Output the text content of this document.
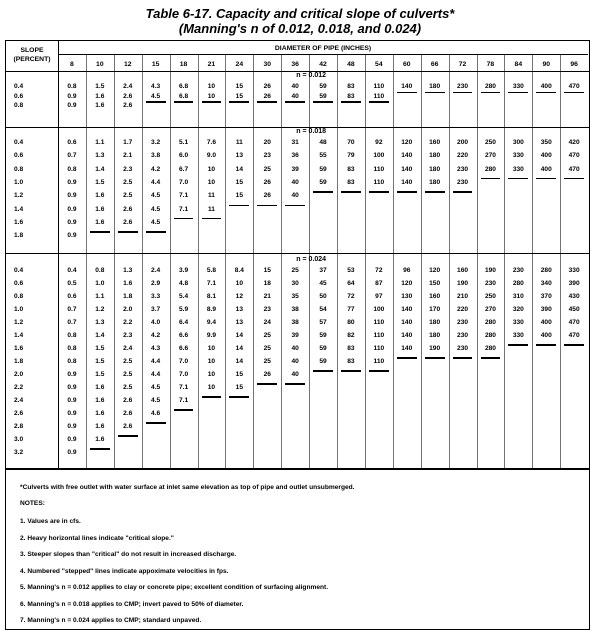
Table 6-17. Capacity and critical slope of culverts*
(Manning's n of 0.012, 0.018, and 0.024)
SLOPE
(PERCENT)
DIAMETER OF PIPE (INCHES)
8	10	12	15	18	21	24	30	36	42	48	54	60	66	72	78	84	90	96
n = 0.012
0.4	0.8	1.5	2.4	4.3	6.8	10	15	26	40	59	83	110	140	180	230	280	330	400	470
0.6	0.9	1.6	2.6	4.5	6.8	10	15	26	40	59	83	110
0.8	0.9	1.6	2.6
n = 0.018
0.4	0.6	1.1	1.7	3.2	5.1	7.6	11	20	31	48	70	92	120	160	200	250	300	350	420
0.6	0.7	1.3	2.1	3.8	6.0	9.0	13	23	36	55	79	100	140	180	220	270	330	400	470
0.8	0.8	1.4	2.3	4.2	6.7	10	14	25	39	59	83	110	140	180	230	280	330	400	470
1.0	0.9	1.5	2.5	4.4	7.0	10	15	26	40	59	83	110	140	180	230
1.2	0.9	1.6	2.5	4.5	7.1	11	15	26	40
1.4	0.9	1.6	2.6	4.5	7.1	11
1.6	0.9	1.6	2.6	4.5
1.8	0.9
n = 0.024
0.4	0.4	0.8	1.3	2.4	3.9	5.8	8.4	15	25	37	53	72	96	120	160	190	230	280	330
0.6	0.5	1.0	1.6	2.9	4.8	7.1	10	18	30	45	64	87	120	150	190	230	280	340	390
0.8	0.6	1.1	1.8	3.3	5.4	8.1	12	21	35	50	72	97	130	160	210	250	310	370	430
1.0	0.7	1.2	2.0	3.7	5.9	8.9	13	23	38	54	77	100	140	170	220	270	320	390	450
1.2	0.7	1.3	2.2	4.0	6.4	9.4	13	24	38	57	80	110	140	180	230	280	330	400	470
1.4	0.8	1.4	2.3	4.2	6.6	9.9	14	25	39	59	82	110	140	180	230	280	330	400	470
1.6	0.8	1.5	2.4	4.3	6.6	10	14	25	40	59	83	110	140	190	230	280
1.8	0.8	1.5	2.5	4.4	7.0	10	14	25	40	59	83	110
2.0	0.9	1.5	2.5	4.4	7.0	10	15	26	40
2.2	0.9	1.6	2.5	4.5	7.1	10	15
2.4	0.9	1.6	2.6	4.5	7.1
2.6	0.9	1.6	2.6	4.6
2.8	0.9	1.6	2.6
3.0	0.9	1.6
3.2	0.9
*Culverts with free outlet with water surface at inlet same elevation as top of pipe and outlet unsubmerged.
NOTES:
1. Values are in cfs.
2. Heavy horizontal lines indicate "critical slope."
3. Steeper slopes than "critical" do not result in increased discharge.
4. Numbered "stepped" lines indicate appoximate velocities in fps.
5. Manning's n = 0.012 applies to clay or concrete pipe; excellent condition of surfacing alignment.
6. Manning's n = 0.018 applies to CMP; invert paved to 50% of diameter.
7. Manning's n = 0.024 applies to CMP; standard unpaved.
